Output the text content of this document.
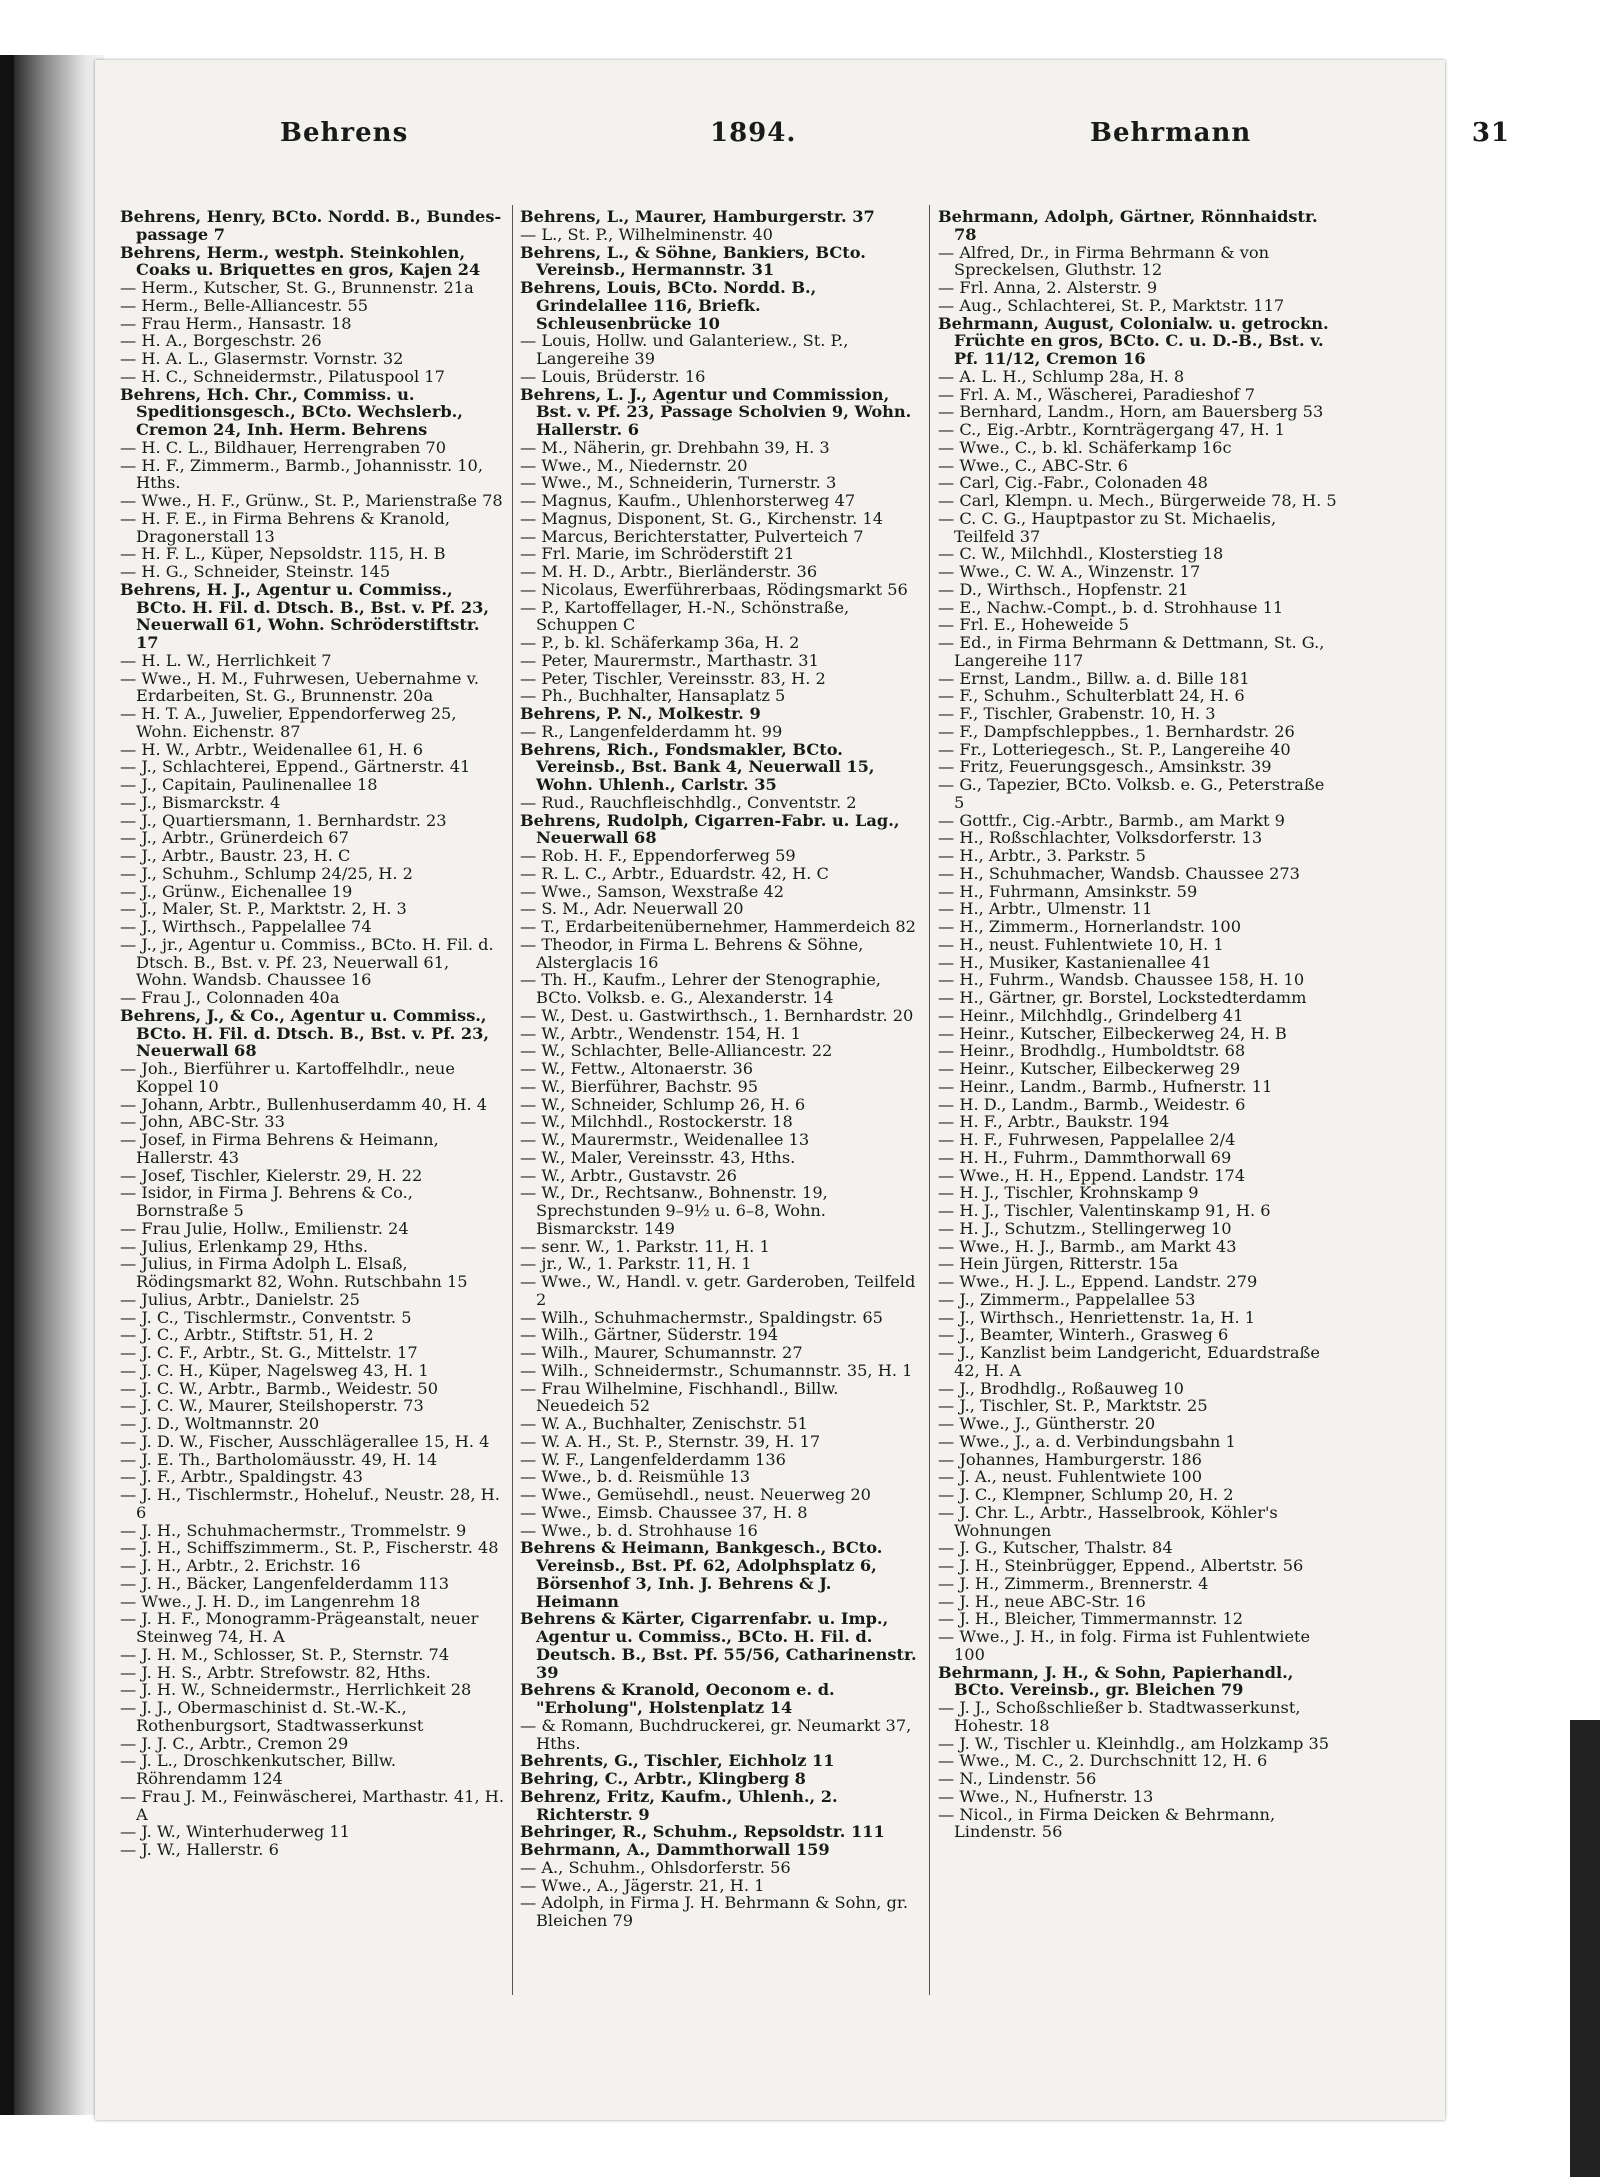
Behrens	1894.	Behrmann	31

Behrens, Henry, BCto. Nordd. B., Bundes-passage 7

Behrens, Herm., westph. Steinkohlen, Coaks u. Briquettes en gros, Kajen 24

— Herm., Kutscher, St. G., Brunnenstr. 21a

— Herm., Belle-Alliancestr. 55

— Frau Herm., Hansastr. 18

— H. A., Borgeschstr. 26

— H. A. L., Glasermstr. Vornstr. 32

— H. C., Schneidermstr., Pilatuspool 17

Behrens, Hch. Chr., Commiss. u. Speditionsgesch., BCto. Wechslerb., Cremon 24, Inh. Herm. Behrens

— H. C. L., Bildhauer, Herrengraben 70

— H. F., Zimmerm., Barmb., Johannisstr. 10, Hths.

— Wwe., H. F., Grünw., St. P., Marienstraße 78

— H. F. E., in Firma Behrens & Kranold, Dragonerstall 13

— H. F. L., Küper, Nepsoldstr. 115, H. B

— H. G., Schneider, Steinstr. 145

Behrens, H. J., Agentur u. Commiss., BCto. H. Fil. d. Dtsch. B., Bst. v. Pf. 23, Neuerwall 61, Wohn. Schröderstiftstr. 17

— H. L. W., Herrlichkeit 7

— Wwe., H. M., Fuhrwesen, Uebernahme v. Erdarbeiten, St. G., Brunnenstr. 20a

— H. T. A., Juwelier, Eppendorferweg 25, Wohn. Eichenstr. 87

— H. W., Arbtr., Weidenallee 61, H. 6

— J., Schlachterei, Eppend., Gärtnerstr. 41

— J., Capitain, Paulinenallee 18

— J., Bismarckstr. 4

— J., Quartiersmann, 1. Bernhardstr. 23

— J., Arbtr., Grünerdeich 67

— J., Arbtr., Baustr. 23, H. C

— J., Schuhm., Schlump 24/25, H. 2

— J., Grünw., Eichenallee 19

— J., Maler, St. P., Marktstr. 2, H. 3

— J., Wirthsch., Pappelallee 74

— J., jr., Agentur u. Commiss., BCto. H. Fil. d. Dtsch. B., Bst. v. Pf. 23, Neuerwall 61, Wohn. Wandsb. Chaussee 16

— Frau J., Colonnaden 40a

Behrens, J., & Co., Agentur u. Commiss., BCto. H. Fil. d. Dtsch. B., Bst. v. Pf. 23, Neuerwall 68

— Joh., Bierführer u. Kartoffelhdlr., neue Koppel 10

— Johann, Arbtr., Bullenhuserdamm 40, H. 4

— John, ABC-Str. 33

— Josef, in Firma Behrens & Heimann, Hallerstr. 43

— Josef, Tischler, Kielerstr. 29, H. 22

— Isidor, in Firma J. Behrens & Co., Bornstraße 5

— Frau Julie, Hollw., Emilienstr. 24

— Julius, Erlenkamp 29, Hths.

— Julius, in Firma Adolph L. Elsaß, Rödingsmarkt 82, Wohn. Rutschbahn 15

— Julius, Arbtr., Danielstr. 25

— J. C., Tischlermstr., Conventstr. 5

— J. C., Arbtr., Stiftstr. 51, H. 2

— J. C. F., Arbtr., St. G., Mittelstr. 17

— J. C. H., Küper, Nagelsweg 43, H. 1

— J. C. W., Arbtr., Barmb., Weidestr. 50

— J. C. W., Maurer, Steilshoperstr. 73

— J. D., Woltmannstr. 20

— J. D. W., Fischer, Ausschlägerallee 15, H. 4

— J. E. Th., Bartholomäusstr. 49, H. 14

— J. F., Arbtr., Spaldingstr. 43

— J. H., Tischlermstr., Hoheluf., Neustr. 28, H. 6

— J. H., Schuhmachermstr., Trommelstr. 9

— J. H., Schiffszimmerm., St. P., Fischerstr. 48

— J. H., Arbtr., 2. Erichstr. 16

— J. H., Bäcker, Langenfelderdamm 113

— Wwe., J. H. D., im Langenrehm 18

— J. H. F., Monogramm-Prägeanstalt, neuer Steinweg 74, H. A

— J. H. M., Schlosser, St. P., Sternstr. 74

— J. H. S., Arbtr. Strefowstr. 82, Hths.

— J. H. W., Schneidermstr., Herrlichkeit 28

— J. J., Obermaschinist d. St.-W.-K., Rothenburgsort, Stadtwasserkunst

— J. J. C., Arbtr., Cremon 29

— J. L., Droschkenkutscher, Billw. Röhrendamm 124

— Frau J. M., Feinwäscherei, Marthastr. 41, H. A

— J. W., Winterhuderweg 11

— J. W., Hallerstr. 6

Behrens, L., Maurer, Hamburgerstr. 37

— L., St. P., Wilhelminenstr. 40

Behrens, L., & Söhne, Bankiers, BCto. Vereinsb., Hermannstr. 31

Behrens, Louis, BCto. Nordd. B., Grindelallee 116, Briefk. Schleusenbrücke 10

— Louis, Hollw. und Galanteriew., St. P., Langereihe 39

— Louis, Brüderstr. 16

Behrens, L. J., Agentur und Commission, Bst. v. Pf. 23, Passage Scholvien 9, Wohn. Hallerstr. 6

— M., Näherin, gr. Drehbahn 39, H. 3

— Wwe., M., Niedernstr. 20

— Wwe., M., Schneiderin, Turnerstr. 3

— Magnus, Kaufm., Uhlenhorsterweg 47

— Magnus, Disponent, St. G., Kirchenstr. 14

— Marcus, Berichterstatter, Pulverteich 7

— Frl. Marie, im Schröderstift 21

— M. H. D., Arbtr., Bierländerstr. 36

— Nicolaus, Ewerführerbaas, Rödingsmarkt 56

— P., Kartoffellager, H.-N., Schönstraße, Schuppen C

— P., b. kl. Schäferkamp 36a, H. 2

— Peter, Maurermstr., Marthastr. 31

— Peter, Tischler, Vereinsstr. 83, H. 2

— Ph., Buchhalter, Hansaplatz 5

Behrens, P. N., Molkestr. 9

— R., Langenfelderdamm ht. 99

Behrens, Rich., Fondsmakler, BCto. Vereinsb., Bst. Bank 4, Neuerwall 15, Wohn. Uhlenh., Carlstr. 35

— Rud., Rauchfleischhdlg., Conventstr. 2

Behrens, Rudolph, Cigarren-Fabr. u. Lag., Neuerwall 68

— Rob. H. F., Eppendorferweg 59

— R. L. C., Arbtr., Eduardstr. 42, H. C

— Wwe., Samson, Wexstraße 42

— S. M., Adr. Neuerwall 20

— T., Erdarbeitenübernehmer, Hammerdeich 82

— Theodor, in Firma L. Behrens & Söhne, Alsterglacis 16

— Th. H., Kaufm., Lehrer der Stenographie, BCto. Volksb. e. G., Alexanderstr. 14

— W., Dest. u. Gastwirthsch., 1. Bernhardstr. 20

— W., Arbtr., Wendenstr. 154, H. 1

— W., Schlachter, Belle-Alliancestr. 22

— W., Fettw., Altonaerstr. 36

— W., Bierführer, Bachstr. 95

— W., Schneider, Schlump 26, H. 6

— W., Milchhdl., Rostockerstr. 18

— W., Maurermstr., Weidenallee 13

— W., Maler, Vereinsstr. 43, Hths.

— W., Arbtr., Gustavstr. 26

— W., Dr., Rechtsanw., Bohnenstr. 19, Sprechstunden 9–9½ u. 6–8, Wohn. Bismarckstr. 149

— senr. W., 1. Parkstr. 11, H. 1

— jr., W., 1. Parkstr. 11, H. 1

— Wwe., W., Handl. v. getr. Garderoben, Teilfeld 2

— Wilh., Schuhmachermstr., Spaldingstr. 65

— Wilh., Gärtner, Süderstr. 194

— Wilh., Maurer, Schumannstr. 27

— Wilh., Schneidermstr., Schumannstr. 35, H. 1

— Frau Wilhelmine, Fischhandl., Billw. Neuedeich 52

— W. A., Buchhalter, Zenischstr. 51

— W. A. H., St. P., Sternstr. 39, H. 17

— W. F., Langenfelderdamm 136

— Wwe., b. d. Reismühle 13

— Wwe., Gemüsehdl., neust. Neuerweg 20

— Wwe., Eimsb. Chaussee 37, H. 8

— Wwe., b. d. Strohhause 16

Behrens & Heimann, Bankgesch., BCto. Vereinsb., Bst. Pf. 62, Adolphsplatz 6, Börsenhof 3, Inh. J. Behrens & J. Heimann

Behrens & Kärter, Cigarrenfabr. u. Imp., Agentur u. Commiss., BCto. H. Fil. d. Deutsch. B., Bst. Pf. 55/56, Catharinenstr. 39

Behrens & Kranold, Oeconom e. d. "Erholung", Holstenplatz 14

— & Romann, Buchdruckerei, gr. Neumarkt 37, Hths.

Behrents, G., Tischler, Eichholz 11

Behring, C., Arbtr., Klingberg 8

Behrenz, Fritz, Kaufm., Uhlenh., 2. Richterstr. 9

Behringer, R., Schuhm., Repsoldstr. 111

Behrmann, A., Dammthorwall 159

— A., Schuhm., Ohlsdorferstr. 56

— Wwe., A., Jägerstr. 21, H. 1

— Adolph, in Firma J. H. Behrmann & Sohn, gr. Bleichen 79

Behrmann, Adolph, Gärtner, Rönnhaidstr. 78

— Alfred, Dr., in Firma Behrmann & von Spreckelsen, Gluthstr. 12

— Frl. Anna, 2. Alsterstr. 9

— Aug., Schlachterei, St. P., Marktstr. 117

Behrmann, August, Colonialw. u. getrockn. Früchte en gros, BCto. C. u. D.-B., Bst. v. Pf. 11/12, Cremon 16

— A. L. H., Schlump 28a, H. 8

— Frl. A. M., Wäscherei, Paradieshof 7

— Bernhard, Landm., Horn, am Bauersberg 53

— C., Eig.-Arbtr., Kornträgergang 47, H. 1

— Wwe., C., b. kl. Schäferkamp 16c

— Wwe., C., ABC-Str. 6

— Carl, Cig.-Fabr., Colonaden 48

— Carl, Klempn. u. Mech., Bürgerweide 78, H. 5

— C. C. G., Hauptpastor zu St. Michaelis, Teilfeld 37

— C. W., Milchhdl., Klosterstieg 18

— Wwe., C. W. A., Winzenstr. 17

— D., Wirthsch., Hopfenstr. 21

— E., Nachw.-Compt., b. d. Strohhause 11

— Frl. E., Hoheweide 5

— Ed., in Firma Behrmann & Dettmann, St. G., Langereihe 117

— Ernst, Landm., Billw. a. d. Bille 181

— F., Schuhm., Schulterblatt 24, H. 6

— F., Tischler, Grabenstr. 10, H. 3

— F., Dampfschleppbes., 1. Bernhardstr. 26

— Fr., Lotteriegesch., St. P., Langereihe 40

— Fritz, Feuerungsgesch., Amsinkstr. 39

— G., Tapezier, BCto. Volksb. e. G., Peterstraße 5

— Gottfr., Cig.-Arbtr., Barmb., am Markt 9

— H., Roßschlachter, Volksdorferstr. 13

— H., Arbtr., 3. Parkstr. 5

— H., Schuhmacher, Wandsb. Chaussee 273

— H., Fuhrmann, Amsinkstr. 59

— H., Arbtr., Ulmenstr. 11

— H., Zimmerm., Hornerlandstr. 100

— H., neust. Fuhlentwiete 10, H. 1

— H., Musiker, Kastanienallee 41

— H., Fuhrm., Wandsb. Chaussee 158, H. 10

— H., Gärtner, gr. Borstel, Lockstedterdamm

— Heinr., Milchhdlg., Grindelberg 41

— Heinr., Kutscher, Eilbeckerweg 24, H. B

— Heinr., Brodhdlg., Humboldtstr. 68

— Heinr., Kutscher, Eilbeckerweg 29

— Heinr., Landm., Barmb., Hufnerstr. 11

— H. D., Landm., Barmb., Weidestr. 6

— H. F., Arbtr., Baukstr. 194

— H. F., Fuhrwesen, Pappelallee 2/4

— H. H., Fuhrm., Dammthorwall 69

— Wwe., H. H., Eppend. Landstr. 174

— H. J., Tischler, Krohnskamp 9

— H. J., Tischler, Valentinskamp 91, H. 6

— H. J., Schutzm., Stellingerweg 10

— Wwe., H. J., Barmb., am Markt 43

— Hein Jürgen, Ritterstr. 15a

— Wwe., H. J. L., Eppend. Landstr. 279

— J., Zimmerm., Pappelallee 53

— J., Wirthsch., Henriettenstr. 1a, H. 1

— J., Beamter, Winterh., Grasweg 6

— J., Kanzlist beim Landgericht, Eduardstraße 42, H. A

— J., Brodhdlg., Roßauweg 10

— J., Tischler, St. P., Marktstr. 25

— Wwe., J., Güntherstr. 20

— Wwe., J., a. d. Verbindungsbahn 1

— Johannes, Hamburgerstr. 186

— J. A., neust. Fuhlentwiete 100

— J. C., Klempner, Schlump 20, H. 2

— J. Chr. L., Arbtr., Hasselbrook, Köhler's Wohnungen

— J. G., Kutscher, Thalstr. 84

— J. H., Steinbrügger, Eppend., Albertstr. 56

— J. H., Zimmerm., Brennerstr. 4

— J. H., neue ABC-Str. 16

— J. H., Bleicher, Timmermannstr. 12

— Wwe., J. H., in folg. Firma ist Fuhlentwiete 100

Behrmann, J. H., & Sohn, Papierhandl., BCto. Vereinsb., gr. Bleichen 79

— J. J., Schoßschließer b. Stadtwasserkunst, Hohestr. 18

— J. W., Tischler u. Kleinhdlg., am Holzkamp 35

— Wwe., M. C., 2. Durchschnitt 12, H. 6

— N., Lindenstr. 56

— Wwe., N., Hufnerstr. 13

— Nicol., in Firma Deicken & Behrmann, Lindenstr. 56
